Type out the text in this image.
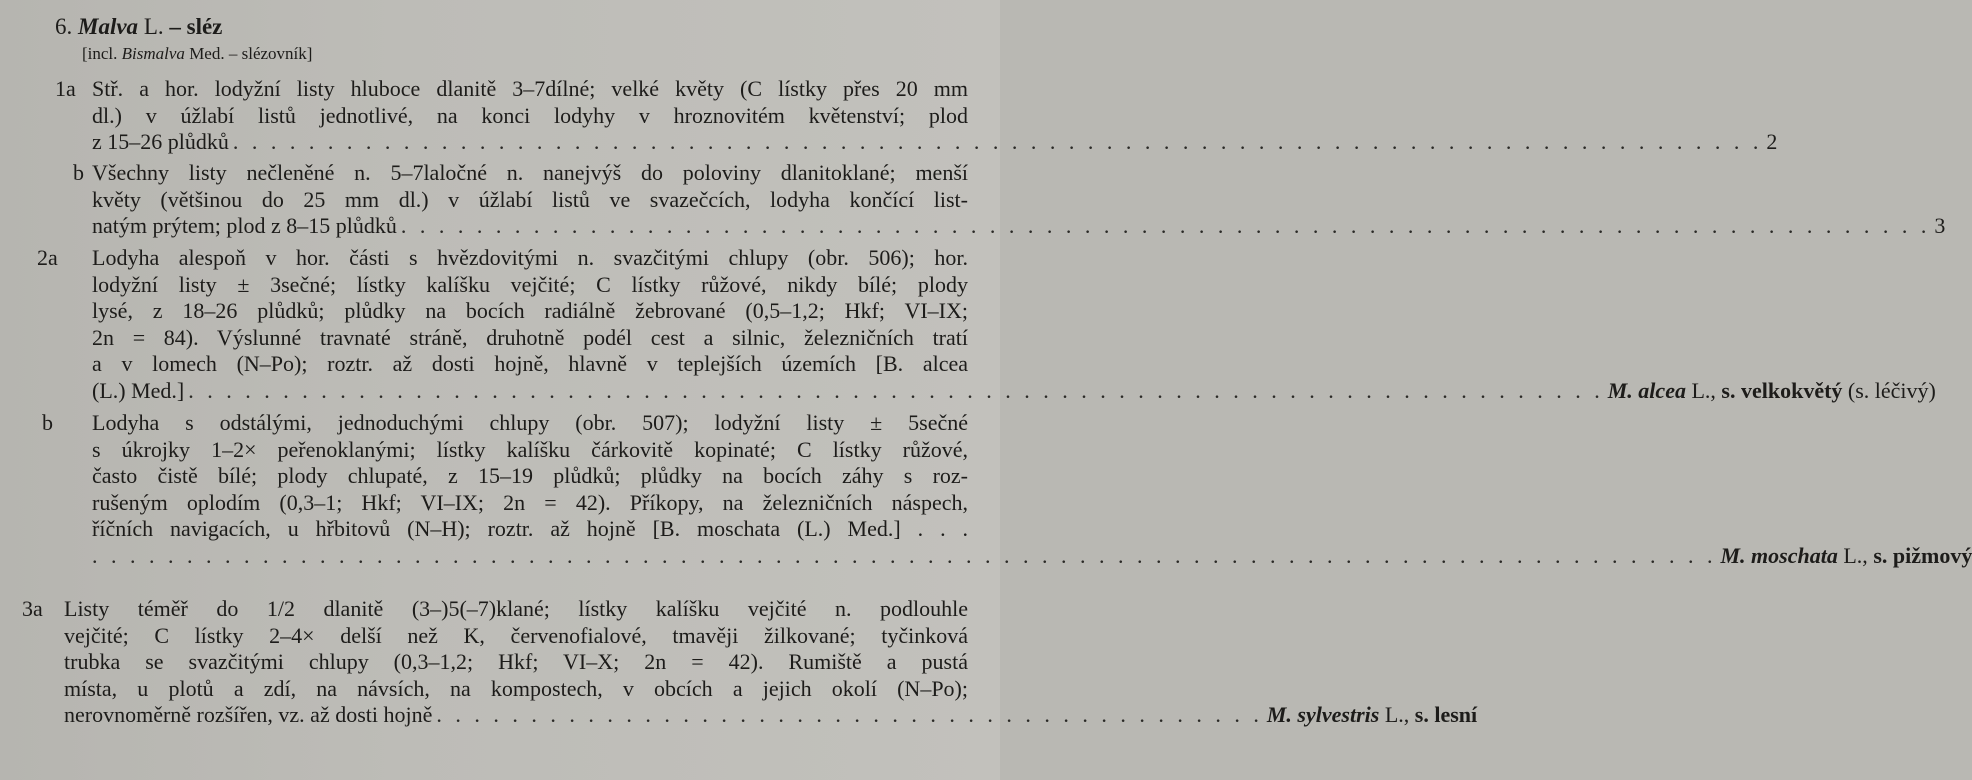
6. Malva L. – sléz
[incl. Bismalva Med. – slézovník]
1a Stř. a hor. lodyžní listy hluboce dlanitě 3–7dílné; velké květy (C lístky přes 20 mm
dl.) v úžlabí listů jednotlivé, na konci lodyhy v hroznovitém květenství; plod
z 15–26 plůdků . . . . . . . . . . . . . . . . . . . . . . . . . . . . . . . . . . . . . . . . . . . . . . . . . . . . . . . . . . . . . . . . . . . . . . . . . . . . . . . . . 2
b Všechny listy nečleněné n. 5–7laločné n. nanejvýš do poloviny dlanitoklané; menší
květy (většinou do 25 mm dl.) v úžlabí listů ve svazečcích, lodyha končící list-
natým prýtem; plod z 8–15 plůdků . . . . . . . . . . . . . . . . . . . . . . . . . . . . . . . . . . . . . . . . . . . . . . . . . . . . . . . . . . . . . . . . . . . . . . . . . . . . . . . . . 3
2a Lodyha alespoň v hor. části s hvězdovitými n. svazčitými chlupy (obr. 506); hor.
lodyžní listy ± 3sečné; lístky kalíšku vejčité; C lístky růžové, nikdy bílé; plody
lysé, z 18–26 plůdků; plůdky na bocích radiálně žebrované (0,5–1,2; Hkf; VI–IX;
2n = 84). Výslunné travnaté stráně, druhotně podél cest a silnic, železničních tratí
a v lomech (N–Po); roztr. až dosti hojně, hlavně v teplejších územích [B. alcea
(L.) Med.] . . . . . . . . . . . . . . . . . . . . . . . . . . . . . . . . . . . . . . . . . . . . . . . . . . . . . . . . . . . . . . . . . . . . . . . . . . . M. alcea L., s. velkokvětý (s. léčivý)
b Lodyha s odstálými, jednoduchými chlupy (obr. 507); lodyžní listy ± 5sečné
s úkrojky 1–2× peřenoklanými; lístky kalíšku čárkovitě kopinaté; C lístky růžové,
často čistě bílé; plody chlupaté, z 15–19 plůdků; plůdky na bocích záhy s roz-
rušeným oplodím (0,3–1; Hkf; VI–IX; 2n = 42). Příkopy, na železničních náspech,
říčních navigacích, u hřbitovů (N–H); roztr. až hojně [B. moschata (L.) Med.] . . .
. . . . . . . . . . . . . . . . . . . . . . . . . . . . . . . . . . . . . . . . . . . . . . . . . . . . . . . . . . . . . . . . . . . . . . . . . . . . . . . . . . . . . . M. moschata L., s. pižmový
3a Listy téměř do 1/2 dlanitě (3–)5(–7)klané; lístky kalíšku vejčité n. podlouhle
vejčité; C lístky 2–4× delší než K, červenofialové, tmavěji žilkované; tyčinková
trubka se svazčitými chlupy (0,3–1,2; Hkf; VI–X; 2n = 42). Rumiště a pustá
místa, u plotů a zdí, na návsích, na kompostech, v obcích a jejich okolí (N–Po);
nerovnoměrně rozšířen, vz. až dosti hojně . . . . . . . . . . . . . . . . . . . . . . . . . . . . . . . . . . . . . . . . . . . . M. sylvestris L., s. lesní
